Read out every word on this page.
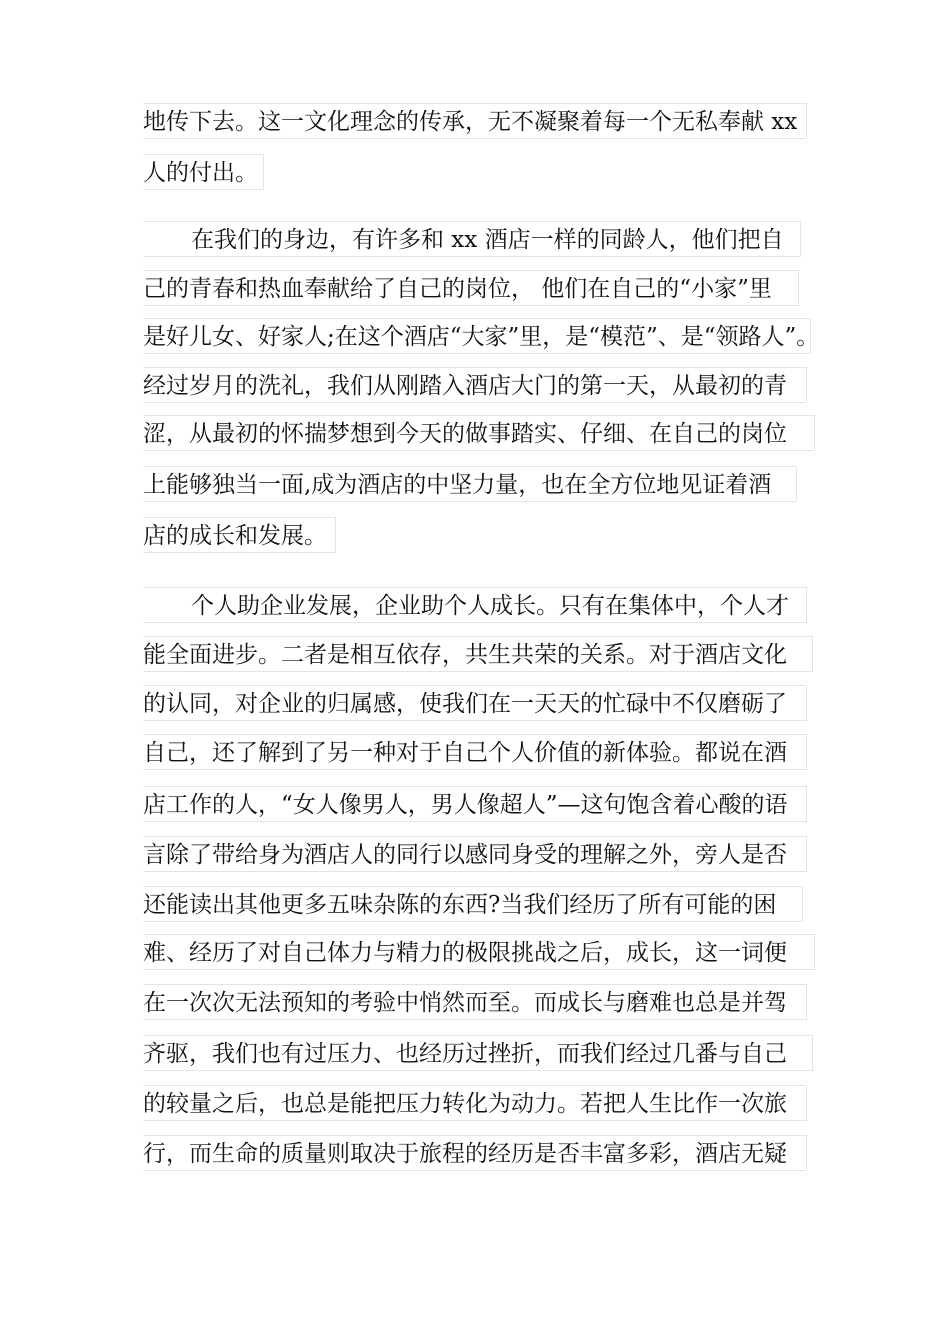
地传下去。这一文化理念的传承，无不凝聚着每一个无私奉献 xx
人的付出。
在我们的身边，有许多和 xx 酒店一样的同龄人，他们把自
己的青春和热血奉献给了自己的岗位， 他们在自己的“小家”里
是好儿女、好家人;在这个酒店“大家”里，是“模范”、是“领路人”。
经过岁月的洗礼，我们从刚踏入酒店大门的第一天，从最初的青
涩，从最初的怀揣梦想到今天的做事踏实、仔细、在自己的岗位
上能够独当一面,成为酒店的中坚力量，也在全方位地见证着酒
店的成长和发展。
个人助企业发展，企业助个人成长。只有在集体中，个人才
能全面进步。二者是相互依存，共生共荣的关系。对于酒店文化
的认同，对企业的归属感，使我们在一天天的忙碌中不仅磨砺了
自己，还了解到了另一种对于自己个人价值的新体验。都说在酒
店工作的人，“女人像男人，男人像超人”—这句饱含着心酸的语
言除了带给身为酒店人的同行以感同身受的理解之外，旁人是否
还能读出其他更多五味杂陈的东西?当我们经历了所有可能的困
难、经历了对自己体力与精力的极限挑战之后，成长，这一词便
在一次次无法预知的考验中悄然而至。而成长与磨难也总是并驾
齐驱，我们也有过压力、也经历过挫折，而我们经过几番与自己
的较量之后，也总是能把压力转化为动力。若把人生比作一次旅
行，而生命的质量则取决于旅程的经历是否丰富多彩，酒店无疑
